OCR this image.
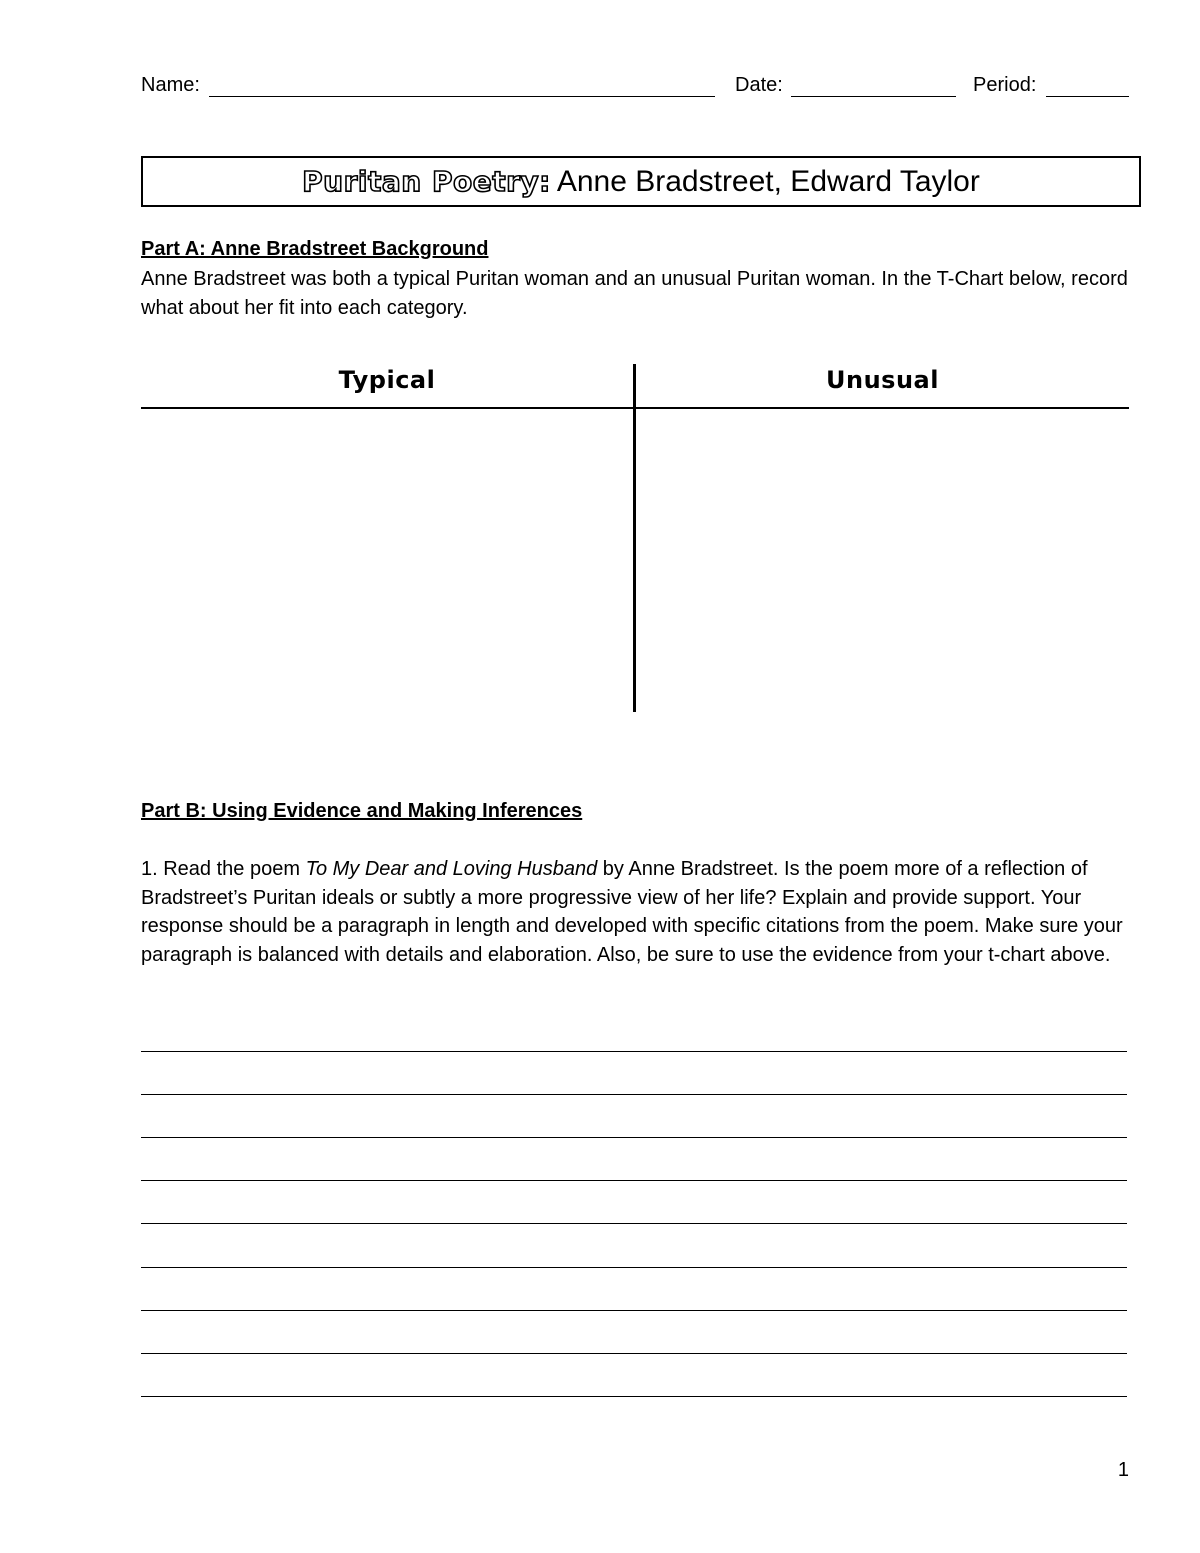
Name:	Date:	Period:
Puritan Poetry: Anne Bradstreet, Edward Taylor
Part A: Anne Bradstreet Background
Anne Bradstreet was both a typical Puritan woman and an unusual Puritan woman. In the T-Chart below, record what about her fit into each category.
Typical	Unusual
Part B: Using Evidence and Making Inferences
1. Read the poem To My Dear and Loving Husband by Anne Bradstreet. Is the poem more of a reflection of Bradstreet’s Puritan ideals or subtly a more progressive view of her life? Explain and provide support. Your response should be a paragraph in length and developed with specific citations from the poem. Make sure your paragraph is balanced with details and elaboration. Also, be sure to use the evidence from your t-chart above.
1
